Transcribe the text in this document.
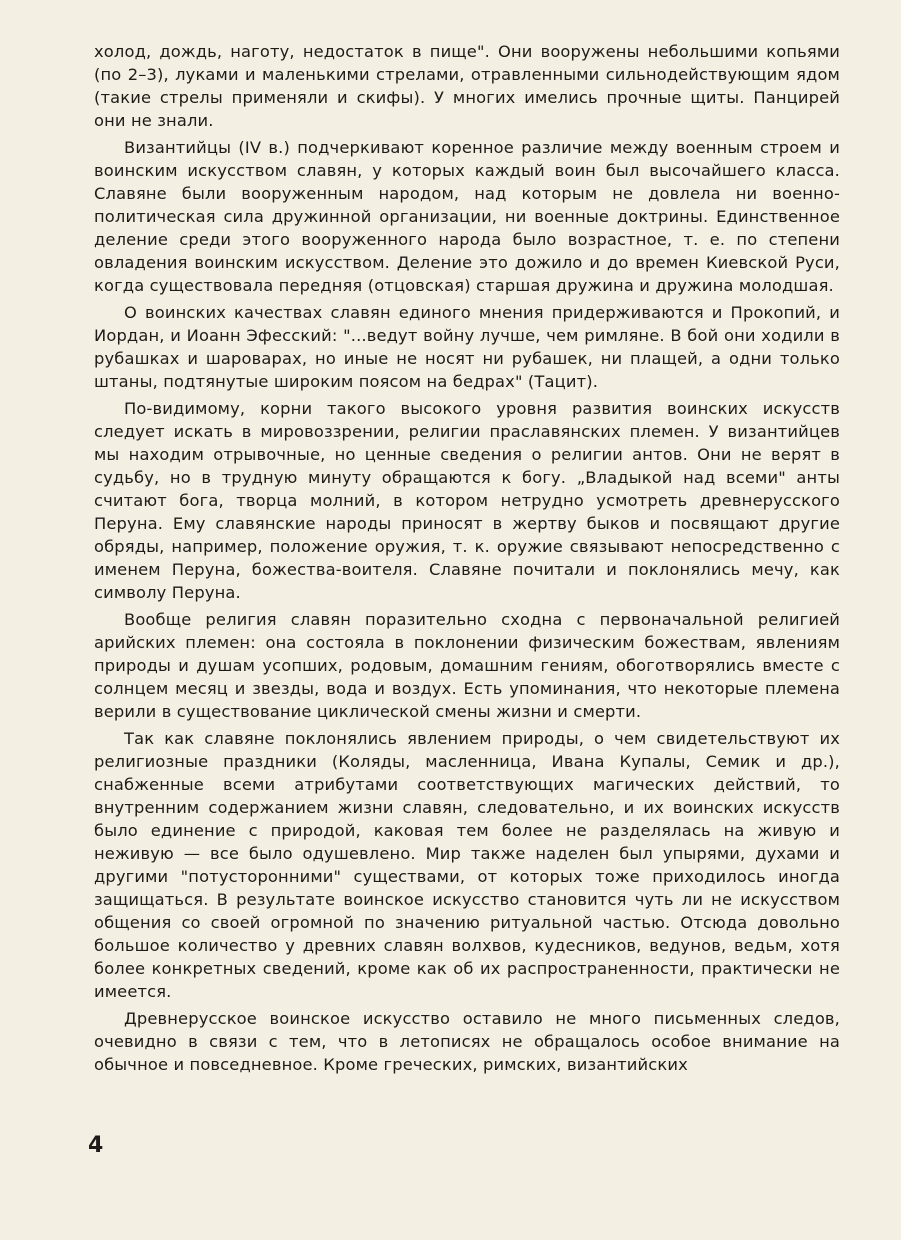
холод, дождь, наготу, недостаток в пище". Они вооружены небольшими копьями (по 2–3), луками и маленькими стрелами, отравленными сильнодействующим ядом (такие стрелы применяли и скифы). У многих имелись прочные щиты. Панцирей они не знали.

Византийцы (IV в.) подчеркивают коренное различие между военным строем и воинским искусством славян, у которых каждый воин был высочайшего класса. Славяне были вооруженным народом, над которым не довлела ни военно-политическая сила дружинной организации, ни военные доктрины. Единственное деление среди этого вооруженного народа было возрастное, т. е. по степени овладения воинским искусством. Деление это дожило и до времен Киевской Руси, когда существовала передняя (отцовская) старшая дружина и дружина молодшая.

О воинских качествах славян единого мнения придерживаются и Прокопий, и Иордан, и Иоанн Эфесский: "...ведут войну лучше, чем римляне. В бой они ходили в рубашках и шароварах, но иные не носят ни рубашек, ни плащей, а одни только штаны, подтянутые широким поясом на бедрах" (Тацит).

По-видимому, корни такого высокого уровня развития воинских искусств следует искать в мировоззрении, религии праславянских племен. У византийцев мы находим отрывочные, но ценные сведения о религии антов. Они не верят в судьбу, но в трудную минуту обращаются к богу. „Владыкой над всеми" анты считают бога, творца молний, в котором нетрудно усмотреть древнерусского Перуна. Ему славянские народы приносят в жертву быков и посвящают другие обряды, например, положение оружия, т. к. оружие связывают непосредственно с именем Перуна, божества-воителя. Славяне почитали и поклонялись мечу, как символу Перуна.

Вообще религия славян поразительно сходна с первоначальной религией арийских племен: она состояла в поклонении физическим божествам, явлениям природы и душам усопших, родовым, домашним гениям, обоготворялись вместе с солнцем месяц и звезды, вода и воздух. Есть упоминания, что некоторые племена верили в существование циклической смены жизни и смерти.

Так как славяне поклонялись явлением природы, о чем свидетельствуют их религиозные праздники (Коляды, масленница, Ивана Купалы, Семик и др.), снабженные всеми атрибутами соответствующих магических действий, то внутренним содержанием жизни славян, следовательно, и их воинских искусств было единение с природой, каковая тем более не разделялась на живую и неживую — все было одушевлено. Мир также наделен был упырями, духами и другими "потусторонними" существами, от которых тоже приходилось иногда защищаться. В результате воинское искусство становится чуть ли не искусством общения со своей огромной по значению ритуальной частью. Отсюда довольно большое количество у древних славян волхвов, кудесников, ведунов, ведьм, хотя более конкретных сведений, кроме как об их распространенности, практически не имеется.

Древнерусское воинское искусство оставило не много письменных следов, очевидно в связи с тем, что в летописях не обращалось особое внимание на обычное и повседневное. Кроме греческих, римских, византийских

4
